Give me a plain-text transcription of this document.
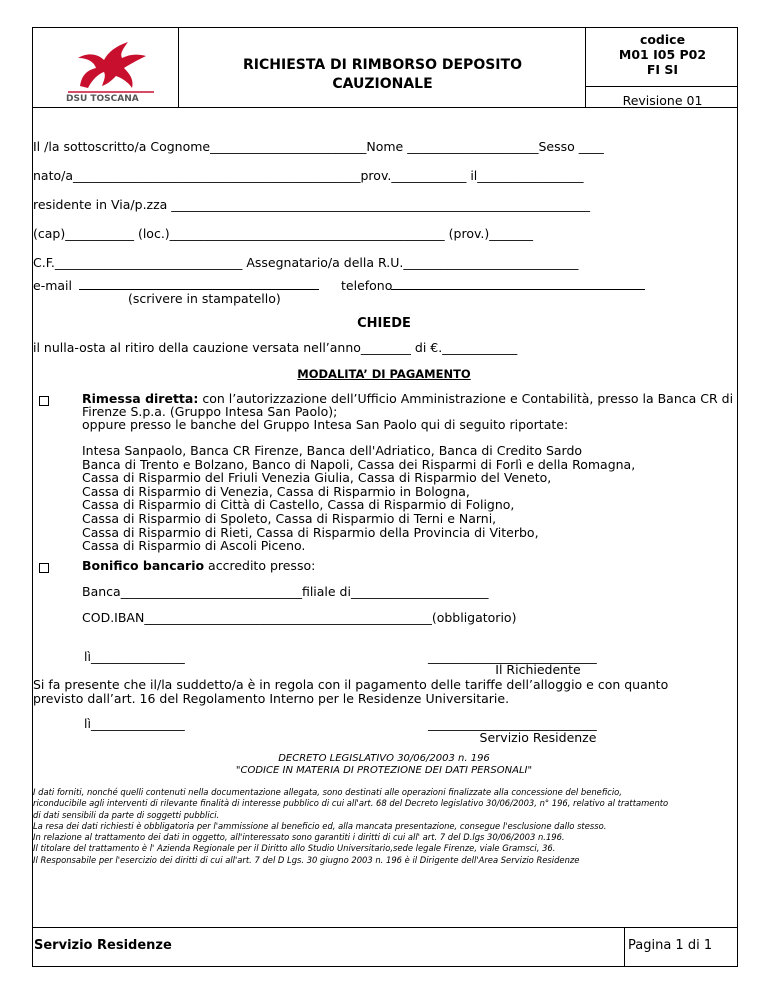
DSU TOSCANA
RICHIESTA DI RIMBORSO DEPOSITO
CAUZIONALE
codice
M01 I05 P02
FI SI
Revisione 01
Il /la sottoscritto/a Cognome_________________________Nome _____________________Sesso ____
nato/a______________________________________________prov.____________ il_________________
residente in Via/p.zza ___________________________________________________________________
(cap)___________ (loc.)____________________________________________ (prov.)_______
C.F.______________________________ Assegnatario/a della R.U.____________________________
e-mail
(scrivere in stampatello)
telefono
CHIEDE
il nulla-osta al ritiro della cauzione versata nell’anno________ di €.____________
MODALITA’ DI PAGAMENTO
Rimessa diretta: con l’autorizzazione dell’Ufficio Amministrazione e Contabilità, presso la Banca CR di
Firenze S.p.a. (Gruppo Intesa San Paolo);
oppure presso le banche del Gruppo Intesa San Paolo qui di seguito riportate:
Intesa Sanpaolo, Banca CR Firenze, Banca dell'Adriatico, Banca di Credito Sardo
Banca di Trento e Bolzano, Banco di Napoli, Cassa dei Risparmi di Forlì e della Romagna,
Cassa di Risparmio del Friuli Venezia Giulia, Cassa di Risparmio del Veneto,
Cassa di Risparmio di Venezia, Cassa di Risparmio in Bologna,
Cassa di Risparmio di Città di Castello, Cassa di Risparmio di Foligno,
Cassa di Risparmio di Spoleto, Cassa di Risparmio di Terni e Narni,
Cassa di Risparmio di Rieti, Cassa di Risparmio della Provincia di Viterbo,
Cassa di Risparmio di Ascoli Piceno.
Bonifico bancario accredito presso:
Banca_____________________________filiale di______________________
COD.IBAN______________________________________________(obbligatorio)
lì_______________	___________________________
Il Richiedente
Si fa presente che il/la suddetto/a è in regola con il pagamento delle tariffe dell’alloggio e con quanto
previsto dall’art. 16 del Regolamento Interno per le Residenze Universitarie.
lì_______________	___________________________
Servizio Residenze
DECRETO LEGISLATIVO 30/06/2003 n. 196
"CODICE IN MATERIA DI PROTEZIONE DEI DATI PERSONALI"
I dati forniti, nonché quelli contenuti nella documentazione allegata, sono destinati alle operazioni finalizzate alla concessione del beneficio,
riconducibile agli interventi di rilevante finalità di interesse pubblico di cui all'art. 68 del Decreto legislativo 30/06/2003, n° 196, relativo al trattamento
di dati sensibili da parte di soggetti pubblici.
La resa dei dati richiesti è obbligatoria per l'ammissione al beneficio ed, alla mancata presentazione, consegue l'esclusione dallo stesso.
In relazione al trattamento dei dati in oggetto, all'interessato sono garantiti i diritti di cui all' art. 7 del D.lgs 30/06/2003 n.196.
Il titolare del trattamento è l' Azienda Regionale per il Diritto allo Studio Universitario,sede legale Firenze, viale Gramsci, 36.
Il Responsabile per l'esercizio dei diritti di cui all'art. 7 del D Lgs. 30 giugno 2003 n. 196 è il Dirigente dell'Area Servizio Residenze
Servizio Residenze	Pagina 1 di 1
